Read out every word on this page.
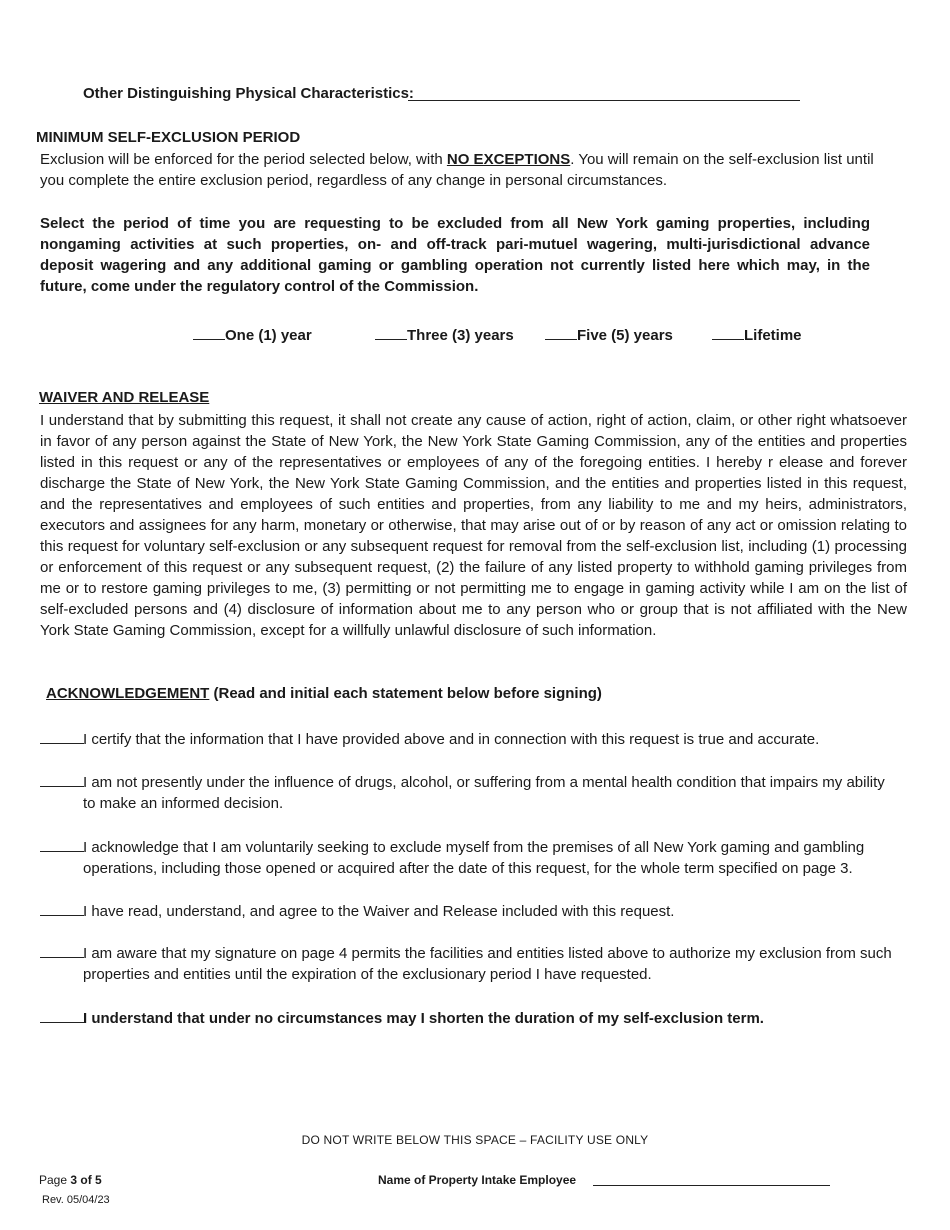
Other Distinguishing Physical Characteristics:
MINIMUM SELF-EXCLUSION PERIOD
Exclusion will be enforced for the period selected below, with NO EXCEPTIONS. You will remain on the self-exclusion list until you complete the entire exclusion period, regardless of any change in personal circumstances.
Select the period of time you are requesting to be excluded from all New York gaming properties, including nongaming activities at such properties, on- and off-track pari-mutuel wagering, multi-jurisdictional advance deposit wagering and any additional gaming or gambling operation not currently listed here which may, in the future, come under the regulatory control of the Commission.
One (1) year	Three (3) years	Five (5) years	Lifetime
WAIVER AND RELEASE
I understand that by submitting this request, it shall not create any cause of action, right of action, claim, or other right whatsoever in favor of any person against the State of New York, the New York State Gaming Commission, any of the entities and properties listed in this request or any of the representatives or employees of any of the foregoing entities. I hereby r elease and forever discharge the State of New York, the New York State Gaming Commission, and the entities and properties listed in this request, and the representatives and employees of such entities and properties, from any liability to me and my heirs, administrators, executors and assignees for any harm, monetary or otherwise, that may arise out of or by reason of any act or omission relating to this request for voluntary self-exclusion or any subsequent request for removal from the self-exclusion list, including (1) processing or enforcement of this request or any subsequent request, (2) the failure of any listed property to withhold gaming privileges from me or to restore gaming privileges to me, (3) permitting or not permitting me to engage in gaming activity while I am on the list of self-excluded persons and (4) disclosure of information about me to any person who or group that is not affiliated with the New York State Gaming Commission, except for a willfully unlawful disclosure of such information.
ACKNOWLEDGEMENT (Read and initial each statement below before signing)
I certify that the information that I have provided above and in connection with this request is true and accurate.
I am not presently under the influence of drugs, alcohol, or suffering from a mental health condition that impairs my ability to make an informed decision.
I acknowledge that I am voluntarily seeking to exclude myself from the premises of all New York gaming and gambling operations, including those opened or acquired after the date of this request, for the whole term specified on page 3.
I have read, understand, and agree to the Waiver and Release included with this request.
I am aware that my signature on page 4 permits the facilities and entities listed above to authorize my exclusion from such properties and entities until the expiration of the exclusionary period I have requested.
I understand that under no circumstances may I shorten the duration of my self-exclusion term.
DO NOT WRITE BELOW THIS SPACE – FACILITY USE ONLY
Page 3 of 5
Rev. 05/04/23
Name of Property Intake Employee
